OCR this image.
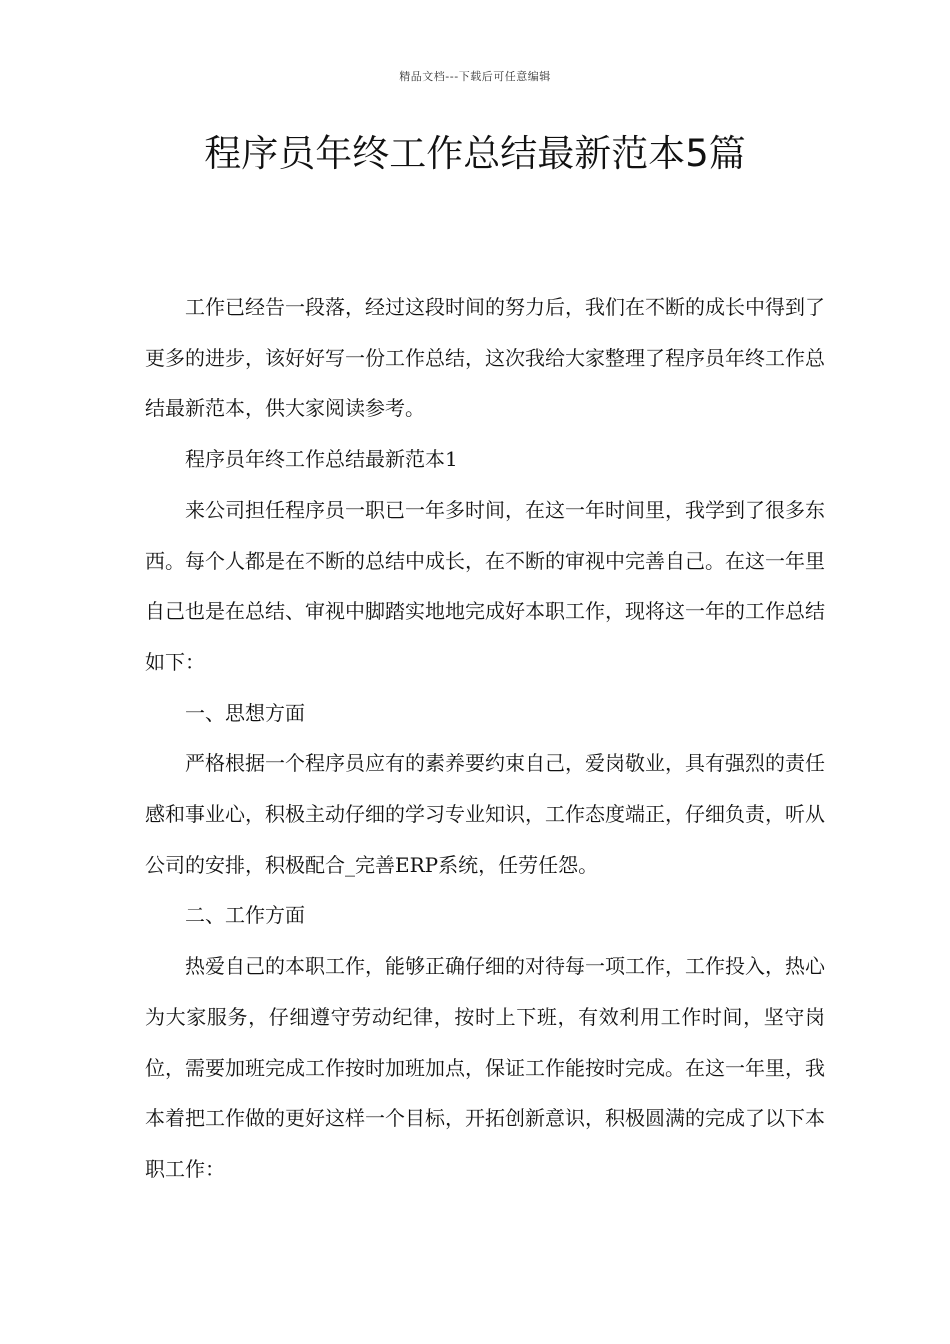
精品文档---下载后可任意编辑
程序员年终工作总结最新范本5篇

工作已经告一段落，经过这段时间的努力后，我们在不断的成长中得到了更多的进步，该好好写一份工作总结，这次我给大家整理了程序员年终工作总结最新范本，供大家阅读参考。

程序员年终工作总结最新范本1

来公司担任程序员一职已一年多时间，在这一年时间里，我学到了很多东西。每个人都是在不断的总结中成长，在不断的审视中完善自己。在这一年里自己也是在总结、审视中脚踏实地地完成好本职工作，现将这一年的工作总结如下：

一、思想方面

严格根据一个程序员应有的素养要约束自己，爱岗敬业，具有强烈的责任感和事业心，积极主动仔细的学习专业知识，工作态度端正，仔细负责，听从公司的安排，积极配合_完善ERP系统，任劳任怨。

二、工作方面

热爱自己的本职工作，能够正确仔细的对待每一项工作，工作投入，热心为大家服务，仔细遵守劳动纪律，按时上下班，有效利用工作时间，坚守岗位，需要加班完成工作按时加班加点，保证工作能按时完成。在这一年里，我本着把工作做的更好这样一个目标，开拓创新意识，积极圆满的完成了以下本职工作：
